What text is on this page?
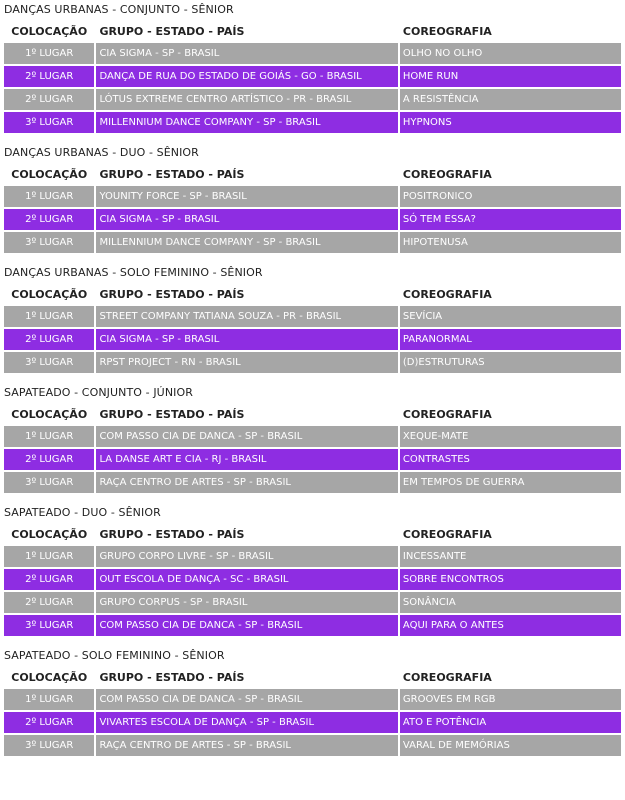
DANÇAS URBANAS - CONJUNTO - SÊNIOR
COLOCAÇÃO	GRUPO - ESTADO - PAÍS	COREOGRAFIA
1º LUGAR	CIA SIGMA - SP - BRASIL	OLHO NO OLHO
2º LUGAR	DANÇA DE RUA DO ESTADO DE GOIÁS - GO - BRASIL	HOME RUN
2º LUGAR	LÓTUS EXTREME CENTRO ARTÍSTICO - PR - BRASIL	A RESISTÊNCIA
3º LUGAR	MILLENNIUM DANCE COMPANY - SP - BRASIL	HYPNONS
DANÇAS URBANAS - DUO - SÊNIOR
COLOCAÇÃO	GRUPO - ESTADO - PAÍS	COREOGRAFIA
1º LUGAR	YOUNITY FORCE - SP - BRASIL	POSITRONICO
2º LUGAR	CIA SIGMA - SP - BRASIL	SÓ TEM ESSA?
3º LUGAR	MILLENNIUM DANCE COMPANY - SP - BRASIL	HIPOTENUSA
DANÇAS URBANAS - SOLO FEMININO - SÊNIOR
COLOCAÇÃO	GRUPO - ESTADO - PAÍS	COREOGRAFIA
1º LUGAR	STREET COMPANY TATIANA SOUZA - PR - BRASIL	SEVÍCIA
2º LUGAR	CIA SIGMA - SP - BRASIL	PARANORMAL
3º LUGAR	RPST PROJECT - RN - BRASIL	(D)ESTRUTURAS
SAPATEADO - CONJUNTO - JÚNIOR
COLOCAÇÃO	GRUPO - ESTADO - PAÍS	COREOGRAFIA
1º LUGAR	COM PASSO CIA DE DANCA - SP - BRASIL	XEQUE-MATE
2º LUGAR	LA DANSE ART E CIA - RJ - BRASIL	CONTRASTES
3º LUGAR	RAÇA CENTRO DE ARTES - SP - BRASIL	EM TEMPOS DE GUERRA
SAPATEADO - DUO - SÊNIOR
COLOCAÇÃO	GRUPO - ESTADO - PAÍS	COREOGRAFIA
1º LUGAR	GRUPO CORPO LIVRE - SP - BRASIL	INCESSANTE
2º LUGAR	OUT ESCOLA DE DANÇA - SC - BRASIL	SOBRE ENCONTROS
2º LUGAR	GRUPO CORPUS - SP - BRASIL	SONÂNCIA
3º LUGAR	COM PASSO CIA DE DANCA - SP - BRASIL	AQUI PARA O ANTES
SAPATEADO - SOLO FEMININO - SÊNIOR
COLOCAÇÃO	GRUPO - ESTADO - PAÍS	COREOGRAFIA
1º LUGAR	COM PASSO CIA DE DANCA - SP - BRASIL	GROOVES EM RGB
2º LUGAR	VIVARTES ESCOLA DE DANÇA - SP - BRASIL	ATO E POTÊNCIA
3º LUGAR	RAÇA CENTRO DE ARTES - SP - BRASIL	VARAL DE MEMÓRIAS
